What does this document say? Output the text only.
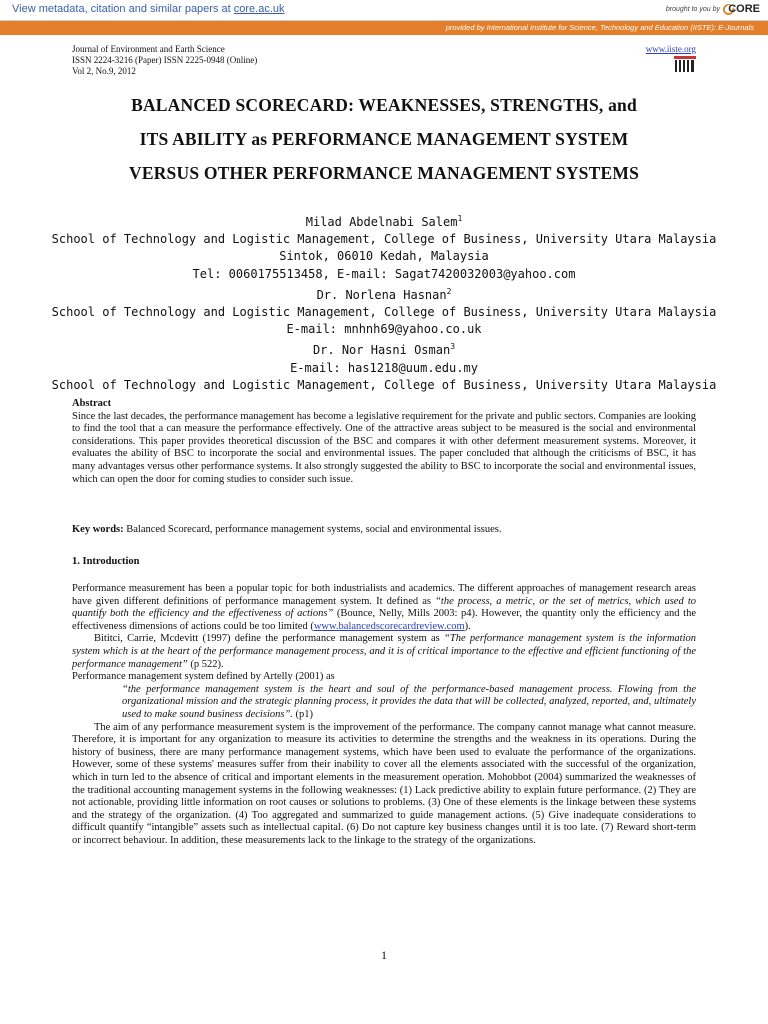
View metadata, citation and similar papers at core.ac.uk	brought to you by CORE
provided by International Institute for Science, Technology and Education (IISTE): E-Journals
Journal of Environment and Earth Science
ISSN 2224-3216 (Paper) ISSN 2225-0948 (Online)
Vol 2, No.9, 2012
www.iiste.org
BALANCED SCORECARD: WEAKNESSES, STRENGTHS, and
ITS ABILITY as PERFORMANCE MANAGEMENT SYSTEM
VERSUS OTHER PERFORMANCE MANAGEMENT SYSTEMS
Milad Abdelnabi Salem$^1$
School of Technology and Logistic Management, College of Business, University Utara Malaysia
Sintok, 06010 Kedah, Malaysia
Tel: 0060175513458, E-mail: Sagat7420032003@yahoo.com
Dr. Norlena Hasnan$^2$
School of Technology and Logistic Management, College of Business, University Utara Malaysia
E-mail: mnhnh69@yahoo.co.uk
Dr. Nor Hasni Osman$^3$
E-mail: has1218@uum.edu.my
School of Technology and Logistic Management, College of Business, University Utara Malaysia
Abstract

Since the last decades, the performance management has become a legislative requirement for the private and public sectors. Companies are looking to find the tool that a can measure the performance effectively. One of the attractive areas subject to be measured is the social and environmental considerations. This paper provides theoretical discussion of the BSC and compares it with other deferment measurement systems. Moreover, it evaluates the ability of BSC to incorporate the social and environmental issues. The paper concluded that although the criticisms of BSC, it has many advantages versus other performance systems. It also strongly suggested the ability to BSC to incorporate the social and environmental issues, which can open the door for coming studies to consider such issue.

Key words: Balanced Scorecard, performance management systems, social and environmental issues.
1. Introduction

Performance measurement has been a popular topic for both industrialists and academics. The different approaches of management research areas have given different definitions of performance management system. It defined as “the process, a metric, or the set of metrics, which used to quantify both the efficiency and the effectiveness of actions” (Bounce, Nelly, Mills 2003: p4). However, the quantity only the efficiency and the effectiveness dimensions of actions could be too limited (www.balancedscorecardreview.com).

Bititci, Carrie, Mcdevitt (1997) define the performance management system as “The performance management system is the information system which is at the heart of the performance management process, and it is of critical importance to the effective and efficient functioning of the performance management” (p 522).

Performance management system defined by Artelly (2001) as

“the performance management system is the heart and soul of the performance-based management process. Flowing from the organizational mission and the strategic planning process, it provides the data that will be collected, analyzed, reported, and, ultimately used to make sound business decisions”. (p1)

The aim of any performance measurement system is the improvement of the performance. The company cannot manage what cannot measure. Therefore, it is important for any organization to measure its activities to determine the strengths and the weakness in its operations. During the history of business, there are many performance management systems, which have been used to evaluate the performance of the organizations. However, some of these systems' measures suffer from their inability to cover all the elements associated with the successful of the organization, which in turn led to the absence of critical and important elements in the measurement operation. Mohobbot (2004) summarized the weaknesses of the traditional accounting management systems in the following weaknesses: (1) Lack predictive ability to explain future performance. (2) They are not actionable, providing little information on root causes or solutions to problems. (3) One of these elements is the linkage between these systems and the strategy of the organization. (4) Too aggregated and summarized to guide management actions. (5) Give inadequate considerations to difficult quantify “intangible” assets such as intellectual capital. (6) Do not capture key business changes until it is too late. (7) Reward short-term or incorrect behaviour. In addition, these measurements lack to the linkage to the strategy of the organizations.

1
